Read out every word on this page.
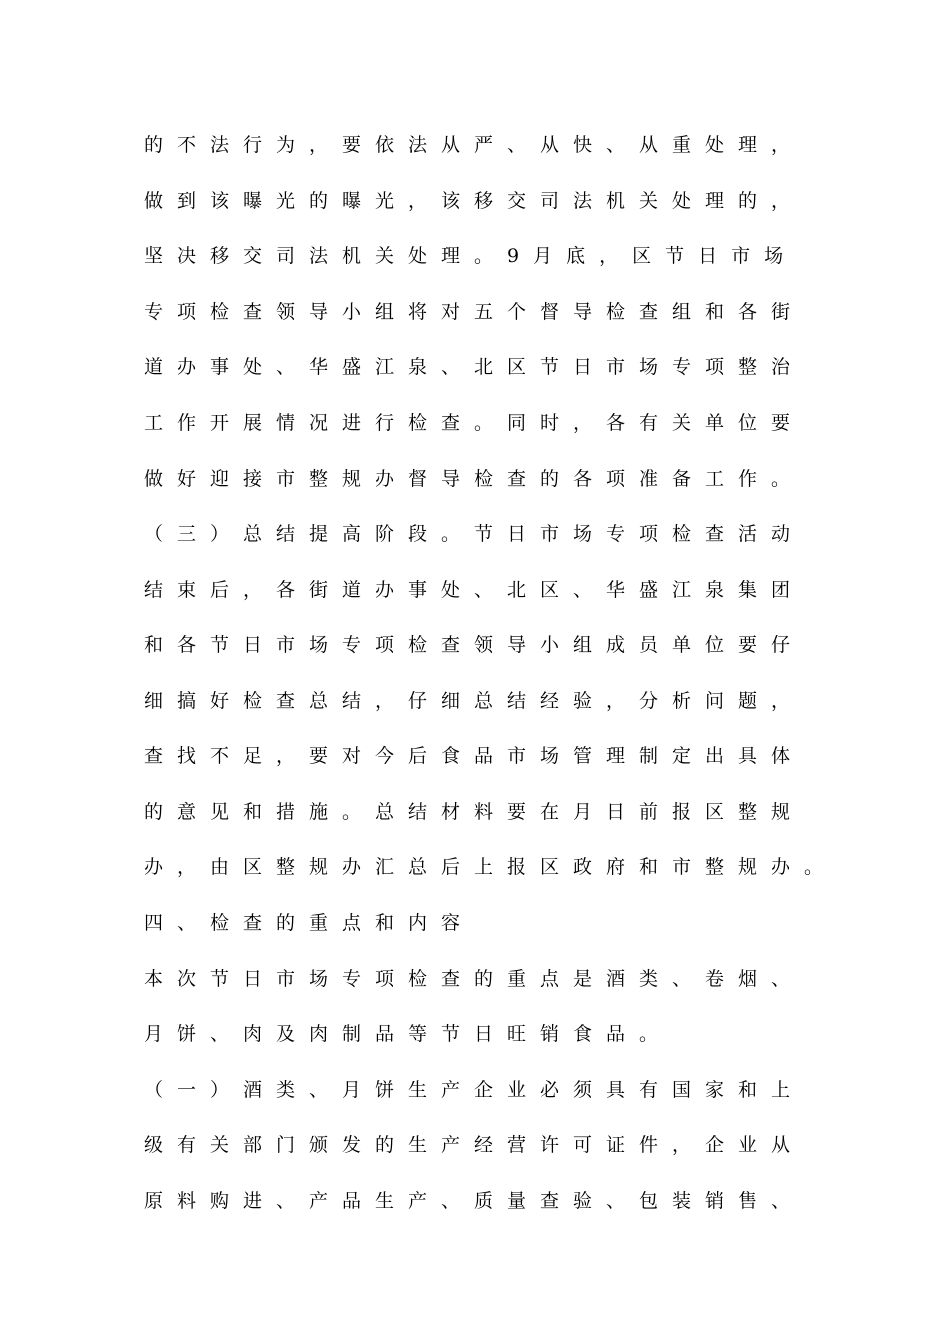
的不法行为，要依法从严、从快、从重处理，
做到该曝光的曝光，该移交司法机关处理的，
坚决移交司法机关处理。9月底，区节日市场
专项检查领导小组将对五个督导检查组和各街
道办事处、华盛江泉、北区节日市场专项整治
工作开展情况进行检查。同时，各有关单位要
做好迎接市整规办督导检查的各项准备工作。
（三）总结提高阶段。节日市场专项检查活动
结束后，各街道办事处、北区、华盛江泉集团
和各节日市场专项检查领导小组成员单位要仔
细搞好检查总结，仔细总结经验，分析问题，
查找不足，要对今后食品市场管理制定出具体
的意见和措施。总结材料要在月日前报区整规
办，由区整规办汇总后上报区政府和市整规办。
四、检查的重点和内容
本次节日市场专项检查的重点是酒类、卷烟、
月饼、肉及肉制品等节日旺销食品。
（一）酒类、月饼生产企业必须具有国家和上
级有关部门颁发的生产经营许可证件，企业从
原料购进、产品生产、质量查验、包装销售、
